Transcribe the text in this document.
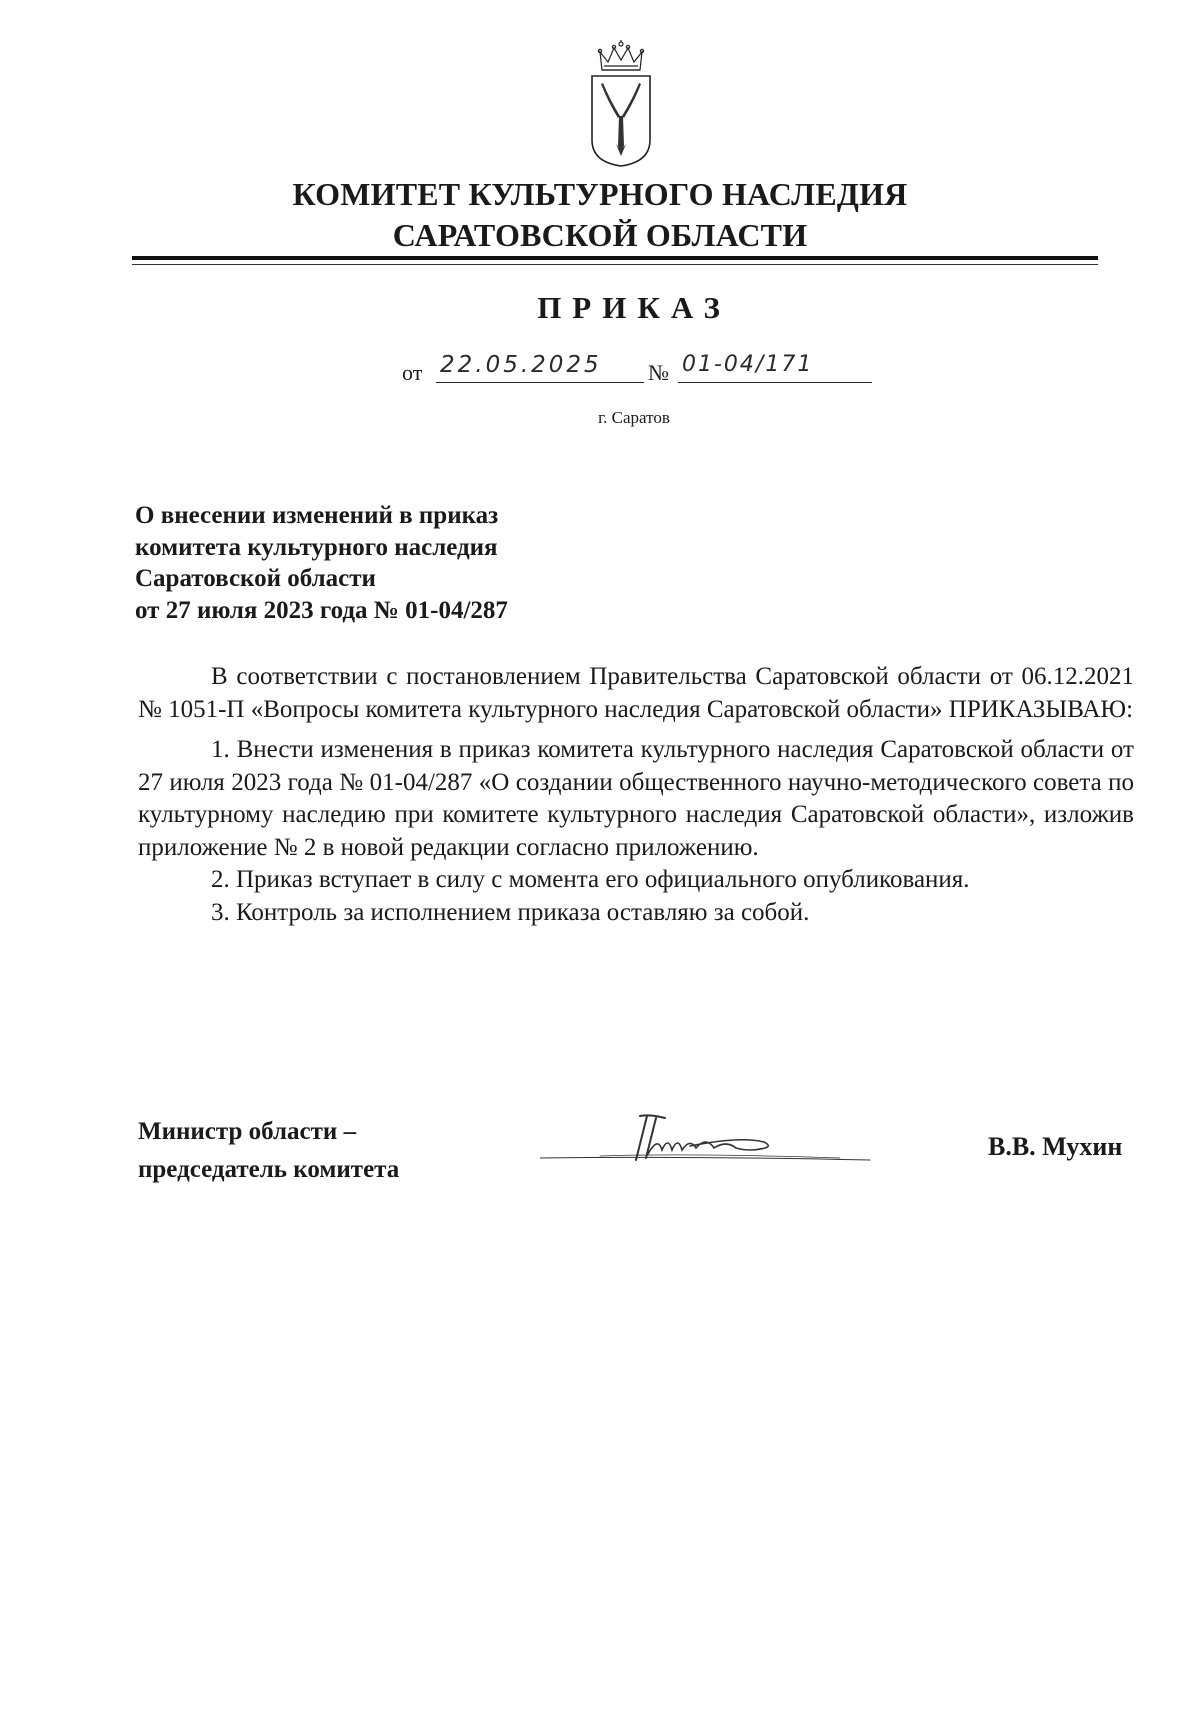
КОМИТЕТ КУЛЬТУРНОГО НАСЛЕДИЯ
САРАТОВСКОЙ ОБЛАСТИ
ПРИКАЗ
от 22.05.2025	№ 01-04/171
г. Саратов
О внесении изменений в приказ
комитета культурного наследия
Саратовской области
от 27 июля 2023 года № 01-04/287

В соответствии с постановлением Правительства Саратовской области от 06.12.2021 № 1051-П «Вопросы комитета культурного наследия Саратовской области» ПРИКАЗЫВАЮ:

1. Внести изменения в приказ комитета культурного наследия Саратовской области от 27 июля 2023 года № 01-04/287 «О создании общественного научно-методического совета по культурному наследию при комитете культурного наследия Саратовской области», изложив приложение № 2 в новой редакции согласно приложению.

2. Приказ вступает в силу с момента его официального опубликования.

3. Контроль за исполнением приказа оставляю за собой.

Министр области –
председатель комитета
В.В. Мухин
